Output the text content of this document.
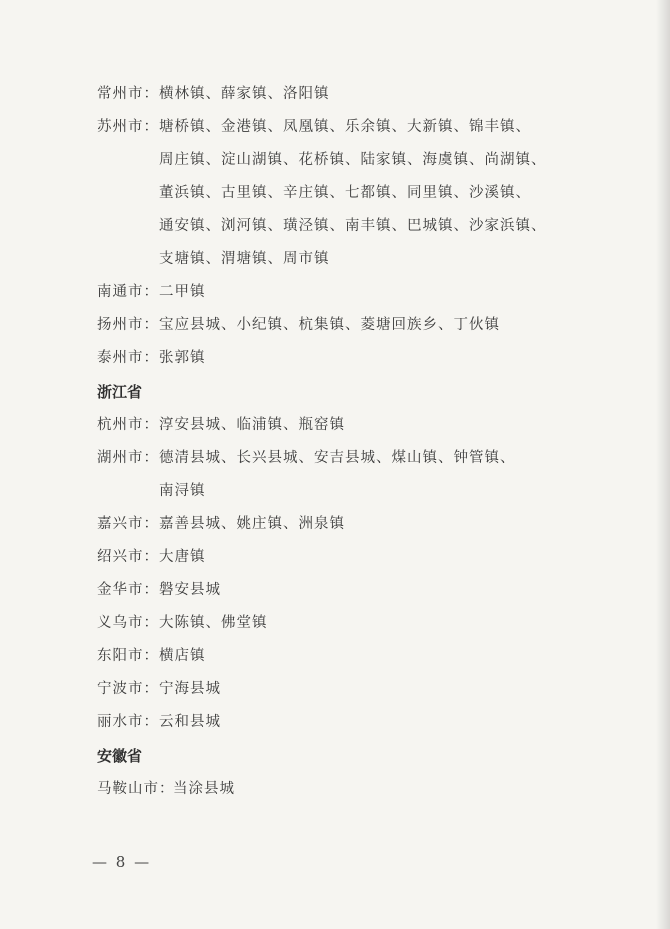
常州市： 横林镇、薛家镇、洛阳镇
苏州市： 塘桥镇、金港镇、凤凰镇、乐余镇、大新镇、锦丰镇、
周庄镇、淀山湖镇、花桥镇、陆家镇、海虞镇、尚湖镇、
董浜镇、古里镇、辛庄镇、七都镇、同里镇、沙溪镇、
通安镇、浏河镇、璜泾镇、南丰镇、巴城镇、沙家浜镇、
支塘镇、渭塘镇、周市镇
南通市： 二甲镇
扬州市： 宝应县城、小纪镇、杭集镇、菱塘回族乡、丁伙镇
泰州市： 张郭镇
浙江省
杭州市： 淳安县城、临浦镇、瓶窑镇
湖州市： 德清县城、长兴县城、安吉县城、煤山镇、钟管镇、
南浔镇
嘉兴市： 嘉善县城、姚庄镇、洲泉镇
绍兴市： 大唐镇
金华市： 磐安县城
义乌市： 大陈镇、佛堂镇
东阳市： 横店镇
宁波市： 宁海县城
丽水市： 云和县城
安徽省
马鞍山市：
当涂县城
— 8 —
